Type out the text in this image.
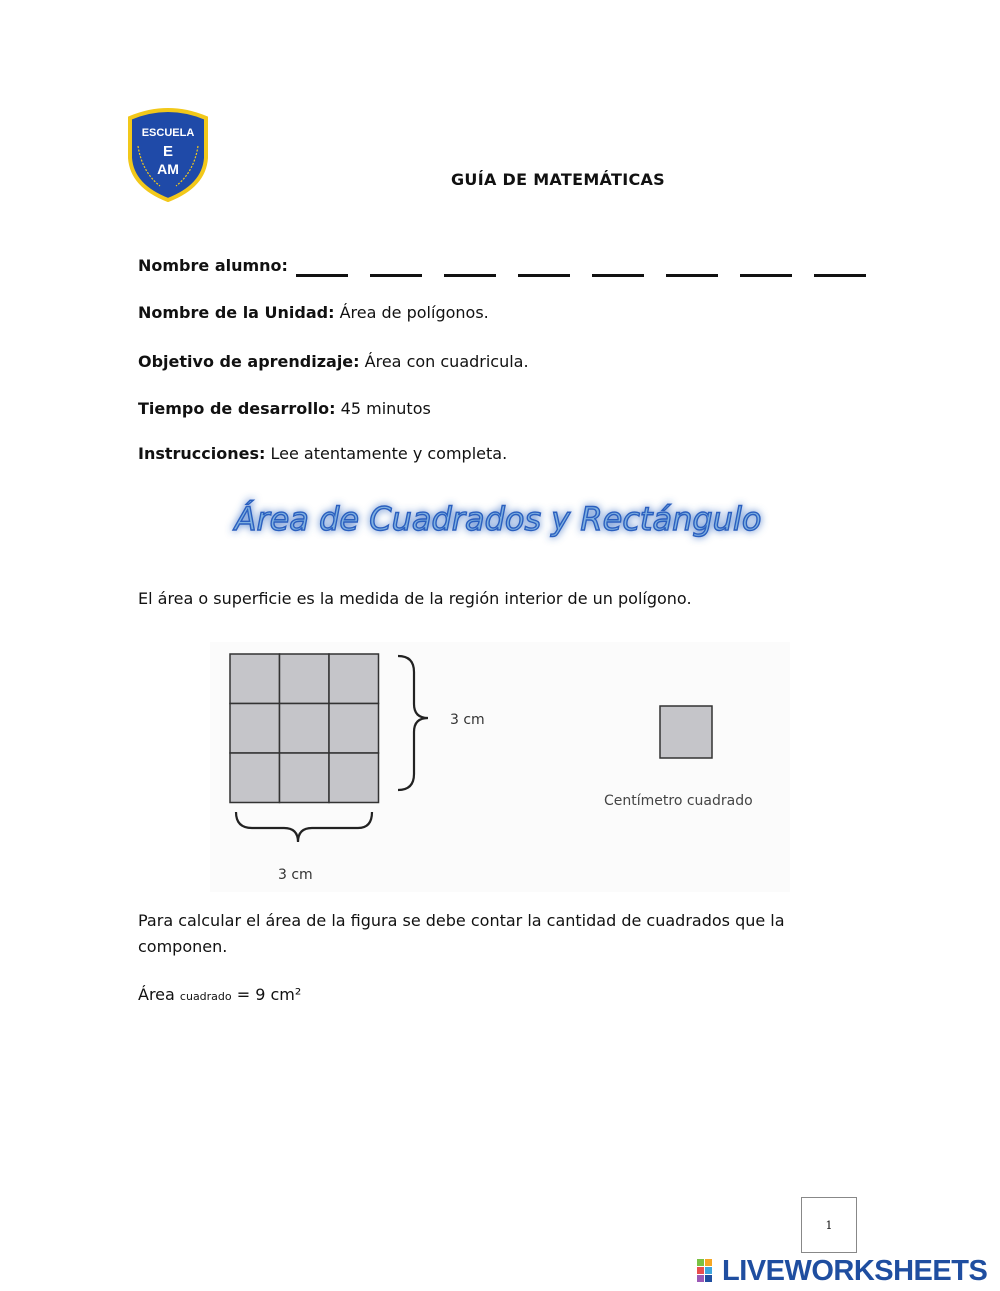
ESCUELA
E
AM
GUÍA DE MATEMÁTICAS
Nombre alumno:
Nombre de la Unidad: Área de polígonos.
Objetivo de aprendizaje: Área con cuadricula.
Tiempo de desarrollo: 45 minutos
Instrucciones: Lee atentamente y completa.
Área de Cuadrados y Rectángulo
El área o superficie es la medida de la región interior de un polígono.
3 cm
3 cm
Centímetro cuadrado
Para calcular el área de la figura se debe contar la cantidad de cuadrados que la componen.
Área cuadrado = 9 cm²
1
LIVEWORKSHEETS
